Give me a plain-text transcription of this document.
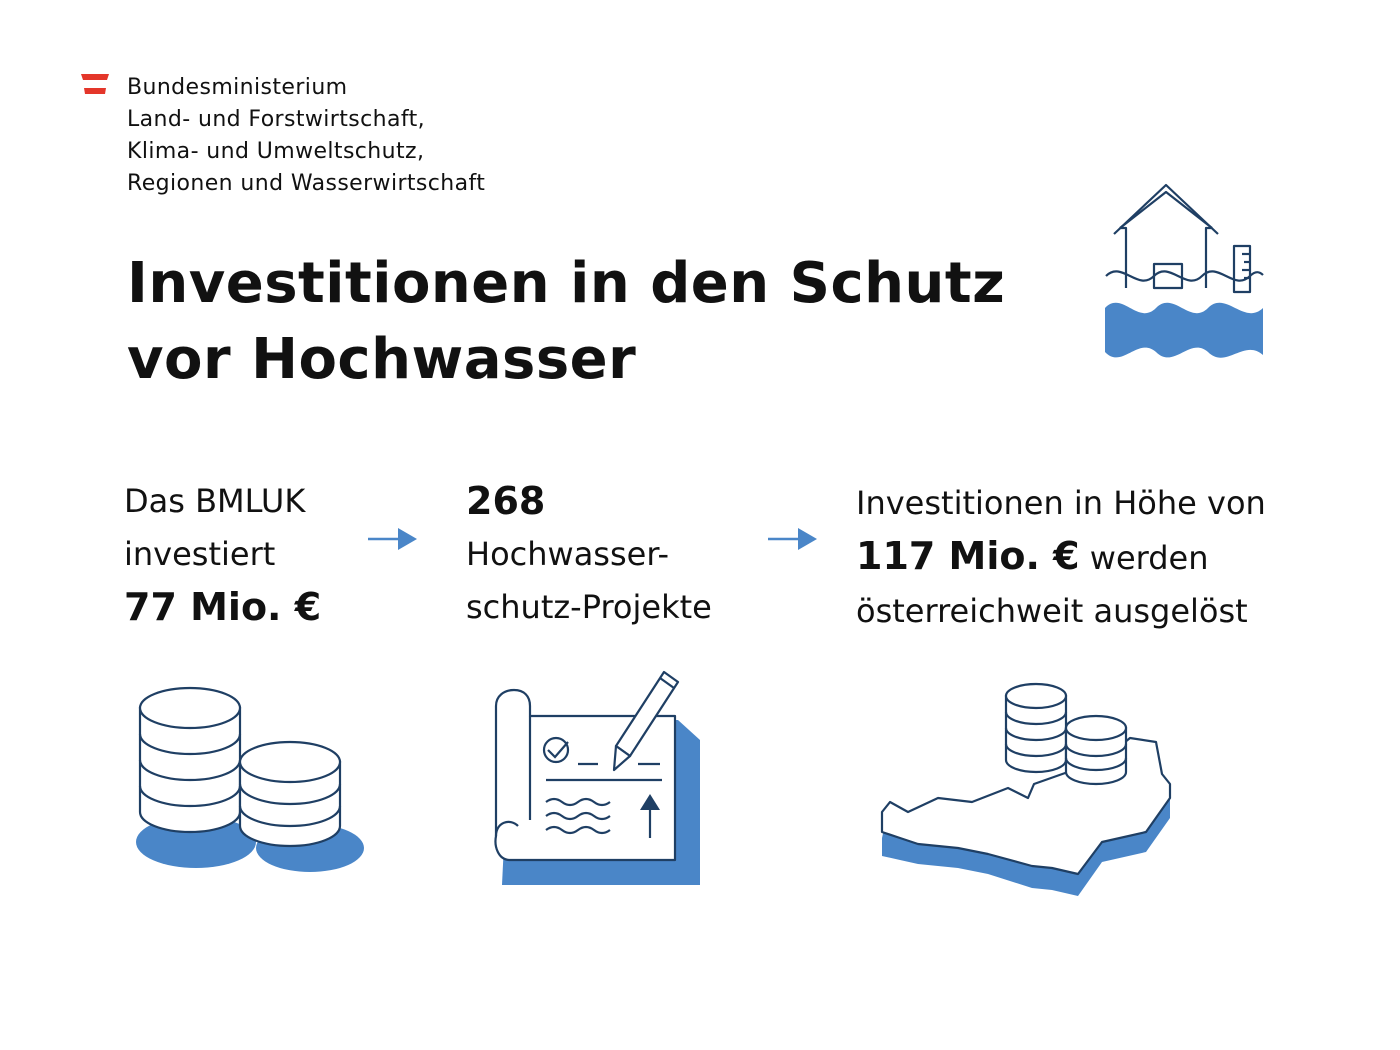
Bundesministerium
Land- und Forstwirtschaft,
Klima- und Umweltschutz,
Regionen und Wasserwirtschaft
Investitionen in den Schutz
vor Hochwasser
Das BMLUK
investiert
77 Mio. €
268
Hochwasser-
schutz-Projekte
Investitionen in Höhe von
117 Mio. € werden
österreichweit ausgelöst
